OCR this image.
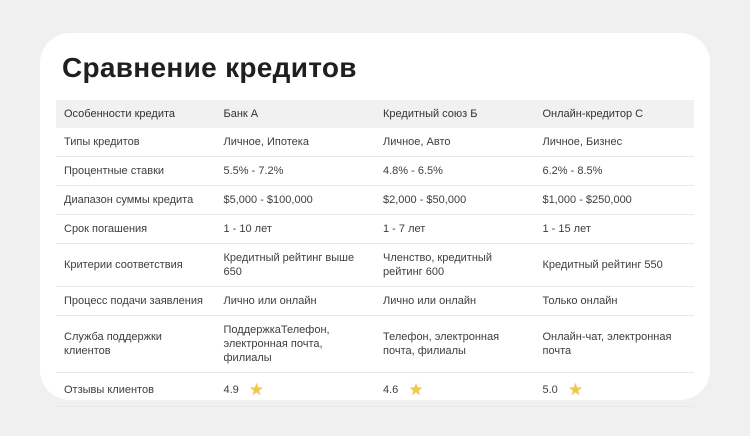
Сравнение кредитов
Особенности кредита	Банк А	Кредитный союз Б	Онлайн-кредитор С
Типы кредитов	Личное, Ипотека	Личное, Авто	Личное, Бизнес
Процентные ставки	5.5% - 7.2%	4.8% - 6.5%	6.2% - 8.5%
Диапазон суммы кредита	$5,000 - $100,000	$2,000 - $50,000	$1,000 - $250,000
Срок погашения	1 - 10 лет	1 - 7 лет	1 - 15 лет
Критерии соответствия	Кредитный рейтинг выше 650	Членство, кредитный рейтинг 600	Кредитный рейтинг 550
Процесс подачи заявления	Лично или онлайн	Лично или онлайн	Только онлайн
Служба поддержки клиентов	ПоддержкаТелефон, электронная почта, филиалы	Телефон, электронная почта, филиалы	Онлайн-чат, электронная почта
Отзывы клиентов	4.9 ★	4.6 ★	5.0 ★
